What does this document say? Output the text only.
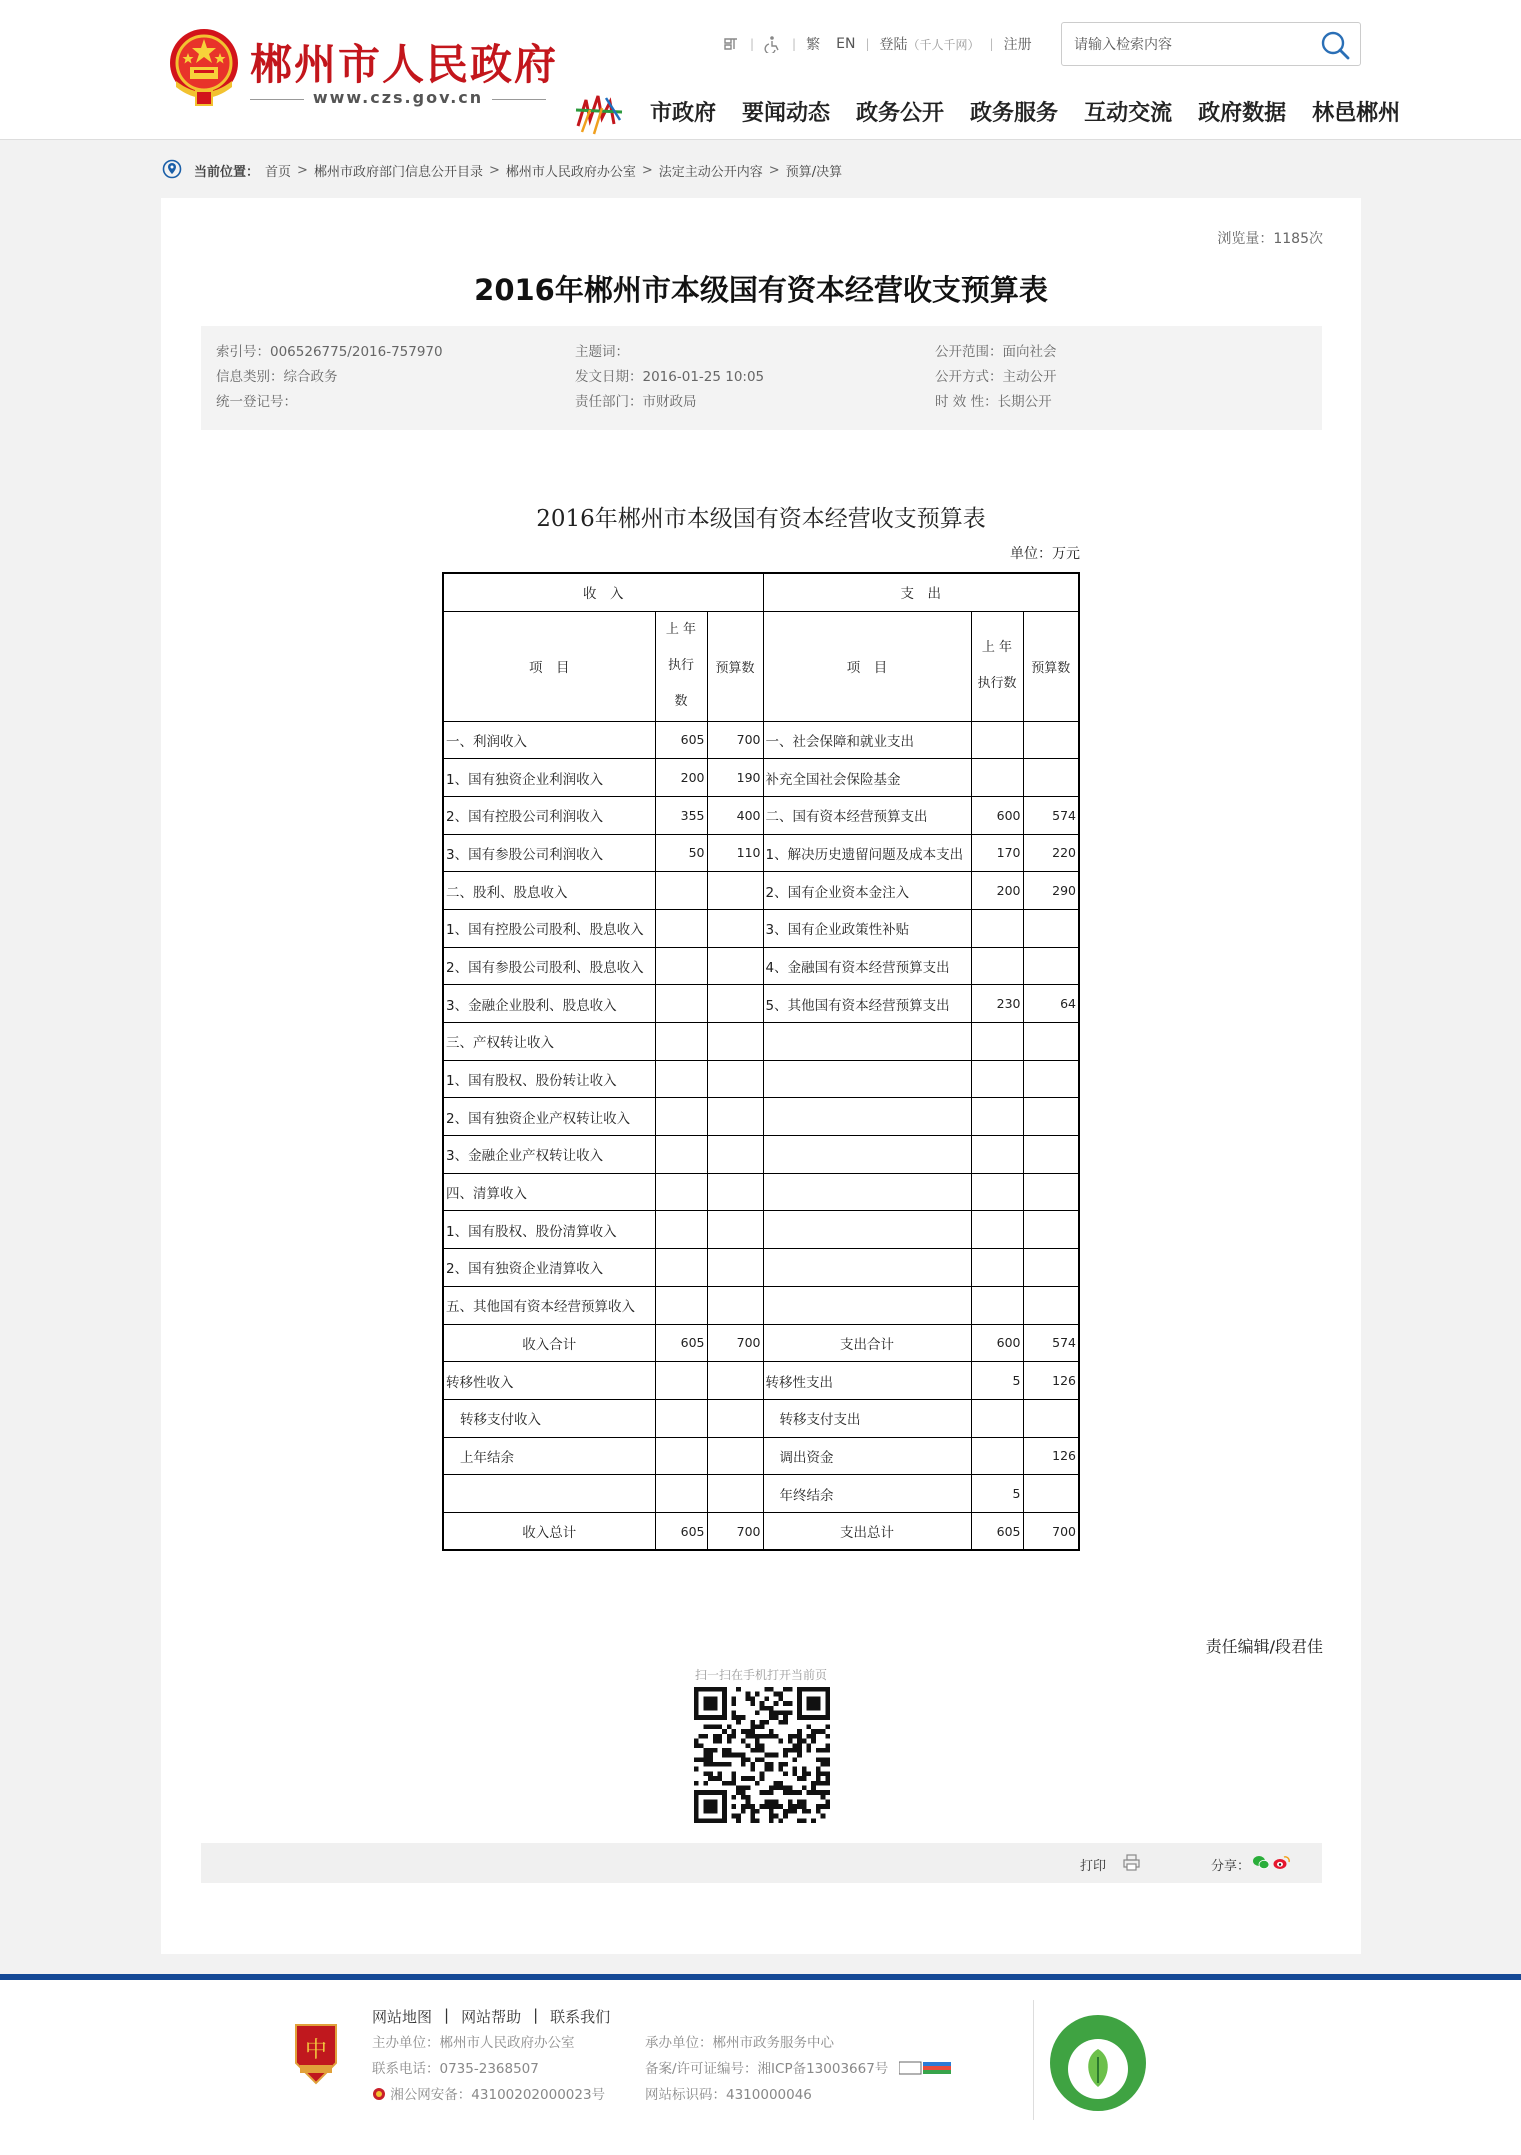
郴州市人民政府
www.czs.gov.cn
|	| 繁 EN | 登陆 （千人千网） | 注册
请输入检索内容
市政府 要闻动态 政务公开 政务服务 互动交流 政府数据 林邑郴州
当前位置： 首页 > 郴州市政府部门信息公开目录 > 郴州市人民政府办公室 > 法定主动公开内容 > 预算/决算
浏览量：1185次
2016年郴州市本级国有资本经营收支预算表
索引号：006526775/2016-757970
信息类别：综合政务
统一登记号：
主题词：
发文日期：2016-01-25 10:05
责任部门：市财政局
公开范围：面向社会
公开方式：主动公开
时 效 性：长期公开
2016年郴州市本级国有资本经营收支预算表
单位：万元
收　入			支　出		
项　目	上 年
执行
数	预算数	项　目	上 年
执行数	预算数
一、利润收入	605	700	一、社会保障和就业支出		
1、国有独资企业利润收入	200	190	补充全国社会保险基金		
2、国有控股公司利润收入	355	400	二、国有资本经营预算支出	600	574
3、国有参股公司利润收入	50	110	1、解决历史遗留问题及成本支出	170	220
二、股利、股息收入			2、国有企业资本金注入	200	290
1、国有控股公司股利、股息收入			3、国有企业政策性补贴		
2、国有参股公司股利、股息收入			4、金融国有资本经营预算支出		
3、金融企业股利、股息收入			5、其他国有资本经营预算支出	230	64
三、产权转让收入					
1、国有股权、股份转让收入					
2、国有独资企业产权转让收入					
3、金融企业产权转让收入					
四、清算收入					
1、国有股权、股份清算收入					
2、国有独资企业清算收入					
五、其他国有资本经营预算收入					
收入合计	605	700	支出合计	600	574
转移性收入			转移性支出	5	126
转移支付收入			转移支付支出		
上年结余			调出资金		126
			年终结余	5	
收入总计	605	700	支出总计	605	700
责任编辑/段君佳
扫一扫在手机打开当前页
打印	分享：
中
网站地图 | 网站帮助 | 联系我们
主办单位：郴州市人民政府办公室
联系电话：0735-2368507
湘公网安备：43100202000023号
承办单位：郴州市政务服务中心
备案/许可证编号：湘ICP备13003667号
网站标识码：4310000046
